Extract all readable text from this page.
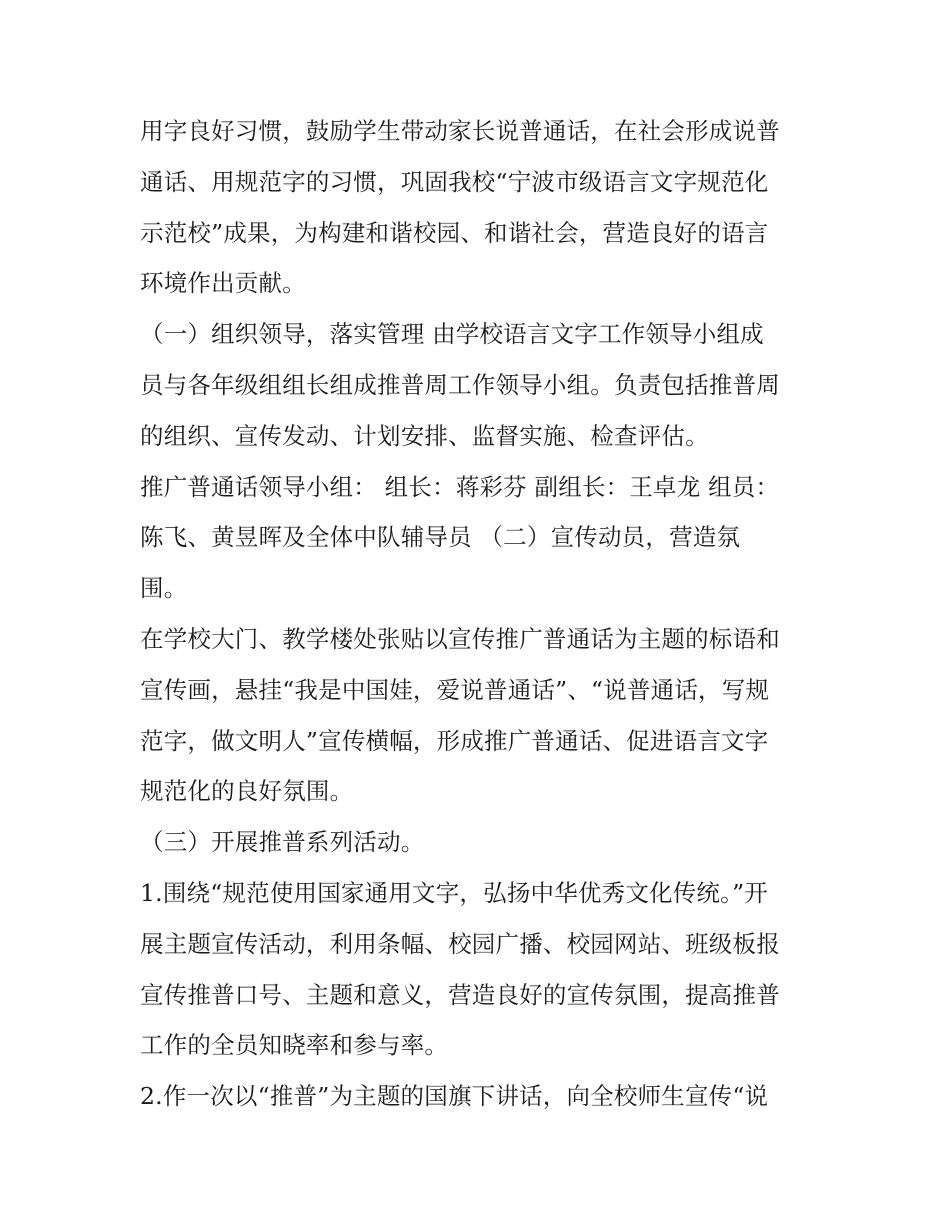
用字良好习惯，鼓励学生带动家长说普通话，在社会形成说普
通话、用规范字的习惯，巩固我校“宁波市级语言文字规范化
示范校”成果，为构建和谐校园、和谐社会，营造良好的语言
环境作出贡献。
（一）组织领导，落实管理 由学校语言文字工作领导小组成
员与各年级组组长组成推普周工作领导小组。负责包括推普周
的组织、宣传发动、计划安排、监督实施、检查评估。
推广普通话领导小组： 组长：蒋彩芬 副组长：王卓龙 组员：
陈飞、黄昱晖及全体中队辅导员 （二）宣传动员，营造氛
围。
在学校大门、教学楼处张贴以宣传推广普通话为主题的标语和
宣传画，悬挂“我是中国娃，爱说普通话”、“说普通话，写规
范字，做文明人”宣传横幅，形成推广普通话、促进语言文字
规范化的良好氛围。
（三）开展推普系列活动。
1.围绕“规范使用国家通用文字，弘扬中华优秀文化传统。”开
展主题宣传活动，利用条幅、校园广播、校园网站、班级板报
宣传推普口号、主题和意义，营造良好的宣传氛围，提高推普
工作的全员知晓率和参与率。
2.作一次以“推普”为主题的国旗下讲话，向全校师生宣传“说
